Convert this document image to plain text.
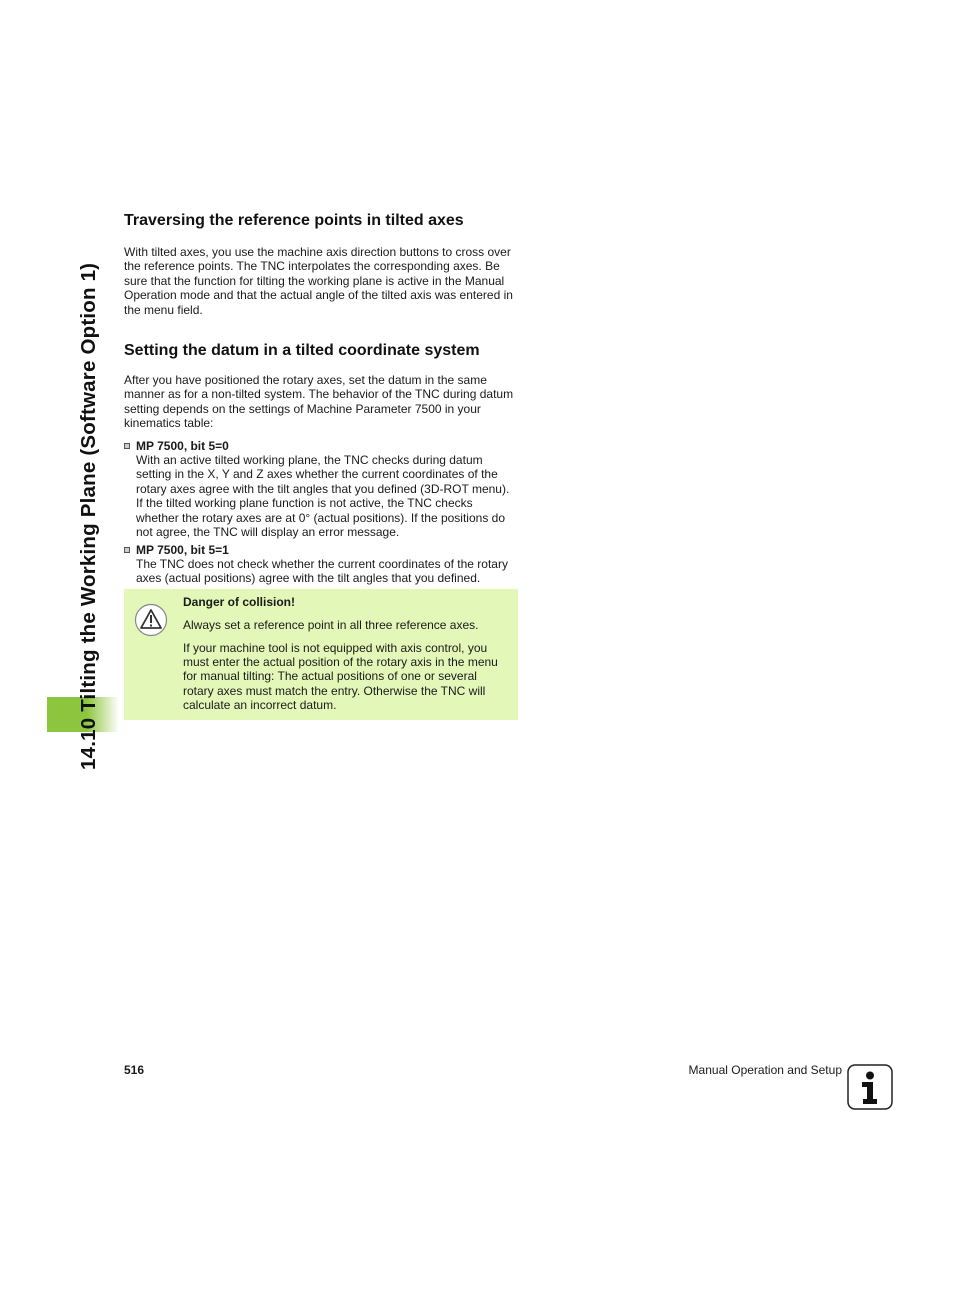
14.10 Tilting the Working Plane (Software Option 1)
Traversing the reference points in tilted axes

With tilted axes, you use the machine axis direction buttons to cross over the reference points. The TNC interpolates the corresponding axes. Be sure that the function for tilting the working plane is active in the Manual Operation mode and that the actual angle of the tilted axis was entered in the menu field.

Setting the datum in a tilted coordinate system

After you have positioned the rotary axes, set the datum in the same manner as for a non-tilted system. The behavior of the TNC during datum setting depends on the settings of Machine Parameter 7500 in your kinematics table:

MP 7500, bit 5=0
With an active tilted working plane, the TNC checks during datum setting in the X, Y and Z axes whether the current coordinates of the rotary axes agree with the tilt angles that you defined (3D-ROT menu). If the tilted working plane function is not active, the TNC checks whether the rotary axes are at 0° (actual positions). If the positions do not agree, the TNC will display an error message.
MP 7500, bit 5=1
The TNC does not check whether the current coordinates of the rotary axes (actual positions) agree with the tilt angles that you defined.
Danger of collision!

Always set a reference point in all three reference axes.

If your machine tool is not equipped with axis control, you must enter the actual position of the rotary axis in the menu for manual tilting: The actual positions of one or several rotary axes must match the entry. Otherwise the TNC will calculate an incorrect datum.

516	Manual Operation and Setup
